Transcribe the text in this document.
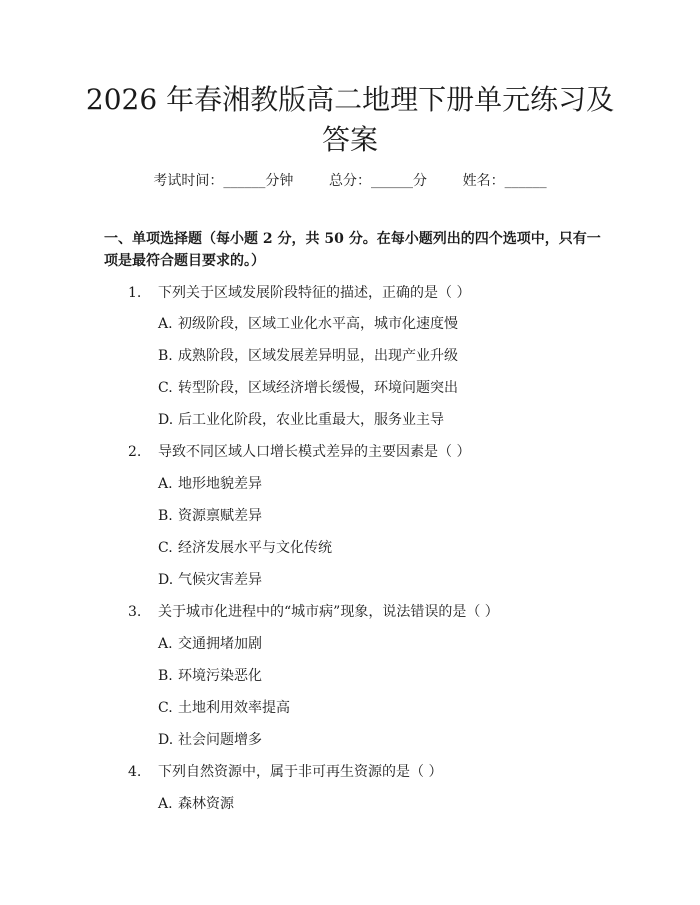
2026 年春湘教版高二地理下册单元练习及答案
考试时间：______分钟	总分：______分	姓名：______

一、单项选择题（每小题 2 分，共 50 分。在每小题列出的四个选项中，只有一项是最符合题目要求的。）

1. 下列关于区域发展阶段特征的描述，正确的是（ ）
A. 初级阶段，区域工业化水平高，城市化速度慢
B. 成熟阶段，区域发展差异明显，出现产业升级
C. 转型阶段，区域经济增长缓慢，环境问题突出
D. 后工业化阶段，农业比重最大，服务业主导
2. 导致不同区域人口增长模式差异的主要因素是（ ）
A. 地形地貌差异
B. 资源禀赋差异
C. 经济发展水平与文化传统
D. 气候灾害差异
3. 关于城市化进程中的“城市病”现象，说法错误的是（ ）
A. 交通拥堵加剧
B. 环境污染恶化
C. 土地利用效率提高
D. 社会问题增多
4. 下列自然资源中，属于非可再生资源的是（ ）
A. 森林资源
